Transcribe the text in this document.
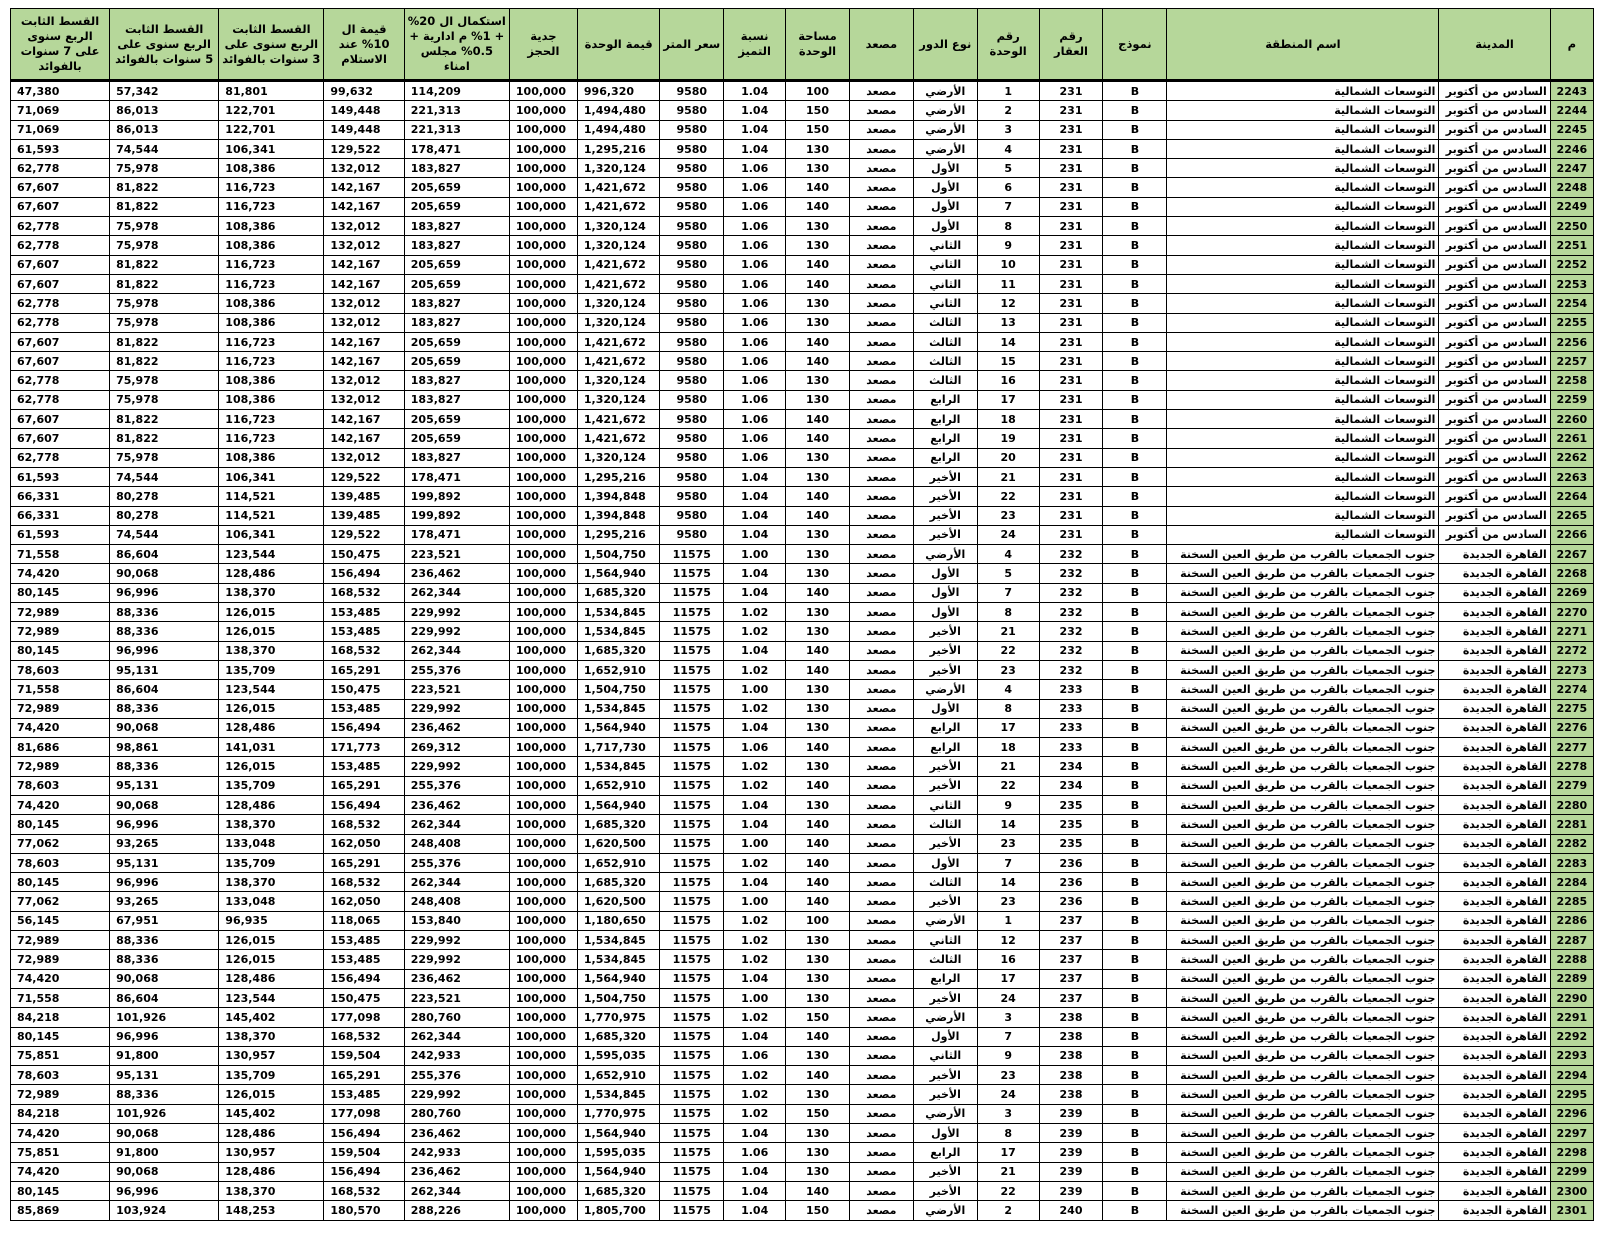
م	المدينة	اسم المنطقة	نموذج	رقم العقار	رقم الوحدة	نوع الدور	مصعد	مساحة الوحدة	نسبة التميز	سعر المتر	قيمة الوحدة	جدية الحجز	استكمال ال 20% + 1% م ادارية + 0.5% مجلس امناء	قيمة ال 10% عند الاستلام	القسط الثابت الربع سنوى على 3 سنوات بالفوائد	القسط الثابت الربع سنوى على 5 سنوات بالفوائد	القسط الثابت الربع سنوى على 7 سنوات بالفوائد
2243	السادس من أكتوبر	التوسعات الشمالية	B	231	1	الأرضي	مصعد	100	1.04	9580	996,320	100,000	114,209	99,632	81,801	57,342	47,380
2244	السادس من أكتوبر	التوسعات الشمالية	B	231	2	الأرضي	مصعد	150	1.04	9580	1,494,480	100,000	221,313	149,448	122,701	86,013	71,069
2245	السادس من أكتوبر	التوسعات الشمالية	B	231	3	الأرضي	مصعد	150	1.04	9580	1,494,480	100,000	221,313	149,448	122,701	86,013	71,069
2246	السادس من أكتوبر	التوسعات الشمالية	B	231	4	الأرضي	مصعد	130	1.04	9580	1,295,216	100,000	178,471	129,522	106,341	74,544	61,593
2247	السادس من أكتوبر	التوسعات الشمالية	B	231	5	الأول	مصعد	130	1.06	9580	1,320,124	100,000	183,827	132,012	108,386	75,978	62,778
2248	السادس من أكتوبر	التوسعات الشمالية	B	231	6	الأول	مصعد	140	1.06	9580	1,421,672	100,000	205,659	142,167	116,723	81,822	67,607
2249	السادس من أكتوبر	التوسعات الشمالية	B	231	7	الأول	مصعد	140	1.06	9580	1,421,672	100,000	205,659	142,167	116,723	81,822	67,607
2250	السادس من أكتوبر	التوسعات الشمالية	B	231	8	الأول	مصعد	130	1.06	9580	1,320,124	100,000	183,827	132,012	108,386	75,978	62,778
2251	السادس من أكتوبر	التوسعات الشمالية	B	231	9	الثاني	مصعد	130	1.06	9580	1,320,124	100,000	183,827	132,012	108,386	75,978	62,778
2252	السادس من أكتوبر	التوسعات الشمالية	B	231	10	الثاني	مصعد	140	1.06	9580	1,421,672	100,000	205,659	142,167	116,723	81,822	67,607
2253	السادس من أكتوبر	التوسعات الشمالية	B	231	11	الثاني	مصعد	140	1.06	9580	1,421,672	100,000	205,659	142,167	116,723	81,822	67,607
2254	السادس من أكتوبر	التوسعات الشمالية	B	231	12	الثاني	مصعد	130	1.06	9580	1,320,124	100,000	183,827	132,012	108,386	75,978	62,778
2255	السادس من أكتوبر	التوسعات الشمالية	B	231	13	الثالث	مصعد	130	1.06	9580	1,320,124	100,000	183,827	132,012	108,386	75,978	62,778
2256	السادس من أكتوبر	التوسعات الشمالية	B	231	14	الثالث	مصعد	140	1.06	9580	1,421,672	100,000	205,659	142,167	116,723	81,822	67,607
2257	السادس من أكتوبر	التوسعات الشمالية	B	231	15	الثالث	مصعد	140	1.06	9580	1,421,672	100,000	205,659	142,167	116,723	81,822	67,607
2258	السادس من أكتوبر	التوسعات الشمالية	B	231	16	الثالث	مصعد	130	1.06	9580	1,320,124	100,000	183,827	132,012	108,386	75,978	62,778
2259	السادس من أكتوبر	التوسعات الشمالية	B	231	17	الرابع	مصعد	130	1.06	9580	1,320,124	100,000	183,827	132,012	108,386	75,978	62,778
2260	السادس من أكتوبر	التوسعات الشمالية	B	231	18	الرابع	مصعد	140	1.06	9580	1,421,672	100,000	205,659	142,167	116,723	81,822	67,607
2261	السادس من أكتوبر	التوسعات الشمالية	B	231	19	الرابع	مصعد	140	1.06	9580	1,421,672	100,000	205,659	142,167	116,723	81,822	67,607
2262	السادس من أكتوبر	التوسعات الشمالية	B	231	20	الرابع	مصعد	130	1.06	9580	1,320,124	100,000	183,827	132,012	108,386	75,978	62,778
2263	السادس من أكتوبر	التوسعات الشمالية	B	231	21	الأخير	مصعد	130	1.04	9580	1,295,216	100,000	178,471	129,522	106,341	74,544	61,593
2264	السادس من أكتوبر	التوسعات الشمالية	B	231	22	الأخير	مصعد	140	1.04	9580	1,394,848	100,000	199,892	139,485	114,521	80,278	66,331
2265	السادس من أكتوبر	التوسعات الشمالية	B	231	23	الأخير	مصعد	140	1.04	9580	1,394,848	100,000	199,892	139,485	114,521	80,278	66,331
2266	السادس من أكتوبر	التوسعات الشمالية	B	231	24	الأخير	مصعد	130	1.04	9580	1,295,216	100,000	178,471	129,522	106,341	74,544	61,593
2267	القاهرة الجديدة	جنوب الجمعيات بالقرب من طريق العين السخنة	B	232	4	الأرضي	مصعد	130	1.00	11575	1,504,750	100,000	223,521	150,475	123,544	86,604	71,558
2268	القاهرة الجديدة	جنوب الجمعيات بالقرب من طريق العين السخنة	B	232	5	الأول	مصعد	130	1.04	11575	1,564,940	100,000	236,462	156,494	128,486	90,068	74,420
2269	القاهرة الجديدة	جنوب الجمعيات بالقرب من طريق العين السخنة	B	232	7	الأول	مصعد	140	1.04	11575	1,685,320	100,000	262,344	168,532	138,370	96,996	80,145
2270	القاهرة الجديدة	جنوب الجمعيات بالقرب من طريق العين السخنة	B	232	8	الأول	مصعد	130	1.02	11575	1,534,845	100,000	229,992	153,485	126,015	88,336	72,989
2271	القاهرة الجديدة	جنوب الجمعيات بالقرب من طريق العين السخنة	B	232	21	الأخير	مصعد	130	1.02	11575	1,534,845	100,000	229,992	153,485	126,015	88,336	72,989
2272	القاهرة الجديدة	جنوب الجمعيات بالقرب من طريق العين السخنة	B	232	22	الأخير	مصعد	140	1.04	11575	1,685,320	100,000	262,344	168,532	138,370	96,996	80,145
2273	القاهرة الجديدة	جنوب الجمعيات بالقرب من طريق العين السخنة	B	232	23	الأخير	مصعد	140	1.02	11575	1,652,910	100,000	255,376	165,291	135,709	95,131	78,603
2274	القاهرة الجديدة	جنوب الجمعيات بالقرب من طريق العين السخنة	B	233	4	الأرضي	مصعد	130	1.00	11575	1,504,750	100,000	223,521	150,475	123,544	86,604	71,558
2275	القاهرة الجديدة	جنوب الجمعيات بالقرب من طريق العين السخنة	B	233	8	الأول	مصعد	130	1.02	11575	1,534,845	100,000	229,992	153,485	126,015	88,336	72,989
2276	القاهرة الجديدة	جنوب الجمعيات بالقرب من طريق العين السخنة	B	233	17	الرابع	مصعد	130	1.04	11575	1,564,940	100,000	236,462	156,494	128,486	90,068	74,420
2277	القاهرة الجديدة	جنوب الجمعيات بالقرب من طريق العين السخنة	B	233	18	الرابع	مصعد	140	1.06	11575	1,717,730	100,000	269,312	171,773	141,031	98,861	81,686
2278	القاهرة الجديدة	جنوب الجمعيات بالقرب من طريق العين السخنة	B	234	21	الأخير	مصعد	130	1.02	11575	1,534,845	100,000	229,992	153,485	126,015	88,336	72,989
2279	القاهرة الجديدة	جنوب الجمعيات بالقرب من طريق العين السخنة	B	234	22	الأخير	مصعد	140	1.02	11575	1,652,910	100,000	255,376	165,291	135,709	95,131	78,603
2280	القاهرة الجديدة	جنوب الجمعيات بالقرب من طريق العين السخنة	B	235	9	الثاني	مصعد	130	1.04	11575	1,564,940	100,000	236,462	156,494	128,486	90,068	74,420
2281	القاهرة الجديدة	جنوب الجمعيات بالقرب من طريق العين السخنة	B	235	14	الثالث	مصعد	140	1.04	11575	1,685,320	100,000	262,344	168,532	138,370	96,996	80,145
2282	القاهرة الجديدة	جنوب الجمعيات بالقرب من طريق العين السخنة	B	235	23	الأخير	مصعد	140	1.00	11575	1,620,500	100,000	248,408	162,050	133,048	93,265	77,062
2283	القاهرة الجديدة	جنوب الجمعيات بالقرب من طريق العين السخنة	B	236	7	الأول	مصعد	140	1.02	11575	1,652,910	100,000	255,376	165,291	135,709	95,131	78,603
2284	القاهرة الجديدة	جنوب الجمعيات بالقرب من طريق العين السخنة	B	236	14	الثالث	مصعد	140	1.04	11575	1,685,320	100,000	262,344	168,532	138,370	96,996	80,145
2285	القاهرة الجديدة	جنوب الجمعيات بالقرب من طريق العين السخنة	B	236	23	الأخير	مصعد	140	1.00	11575	1,620,500	100,000	248,408	162,050	133,048	93,265	77,062
2286	القاهرة الجديدة	جنوب الجمعيات بالقرب من طريق العين السخنة	B	237	1	الأرضي	مصعد	100	1.02	11575	1,180,650	100,000	153,840	118,065	96,935	67,951	56,145
2287	القاهرة الجديدة	جنوب الجمعيات بالقرب من طريق العين السخنة	B	237	12	الثاني	مصعد	130	1.02	11575	1,534,845	100,000	229,992	153,485	126,015	88,336	72,989
2288	القاهرة الجديدة	جنوب الجمعيات بالقرب من طريق العين السخنة	B	237	16	الثالث	مصعد	130	1.02	11575	1,534,845	100,000	229,992	153,485	126,015	88,336	72,989
2289	القاهرة الجديدة	جنوب الجمعيات بالقرب من طريق العين السخنة	B	237	17	الرابع	مصعد	130	1.04	11575	1,564,940	100,000	236,462	156,494	128,486	90,068	74,420
2290	القاهرة الجديدة	جنوب الجمعيات بالقرب من طريق العين السخنة	B	237	24	الأخير	مصعد	130	1.00	11575	1,504,750	100,000	223,521	150,475	123,544	86,604	71,558
2291	القاهرة الجديدة	جنوب الجمعيات بالقرب من طريق العين السخنة	B	238	3	الأرضي	مصعد	150	1.02	11575	1,770,975	100,000	280,760	177,098	145,402	101,926	84,218
2292	القاهرة الجديدة	جنوب الجمعيات بالقرب من طريق العين السخنة	B	238	7	الأول	مصعد	140	1.04	11575	1,685,320	100,000	262,344	168,532	138,370	96,996	80,145
2293	القاهرة الجديدة	جنوب الجمعيات بالقرب من طريق العين السخنة	B	238	9	الثاني	مصعد	130	1.06	11575	1,595,035	100,000	242,933	159,504	130,957	91,800	75,851
2294	القاهرة الجديدة	جنوب الجمعيات بالقرب من طريق العين السخنة	B	238	23	الأخير	مصعد	140	1.02	11575	1,652,910	100,000	255,376	165,291	135,709	95,131	78,603
2295	القاهرة الجديدة	جنوب الجمعيات بالقرب من طريق العين السخنة	B	238	24	الأخير	مصعد	130	1.02	11575	1,534,845	100,000	229,992	153,485	126,015	88,336	72,989
2296	القاهرة الجديدة	جنوب الجمعيات بالقرب من طريق العين السخنة	B	239	3	الأرضي	مصعد	150	1.02	11575	1,770,975	100,000	280,760	177,098	145,402	101,926	84,218
2297	القاهرة الجديدة	جنوب الجمعيات بالقرب من طريق العين السخنة	B	239	8	الأول	مصعد	130	1.04	11575	1,564,940	100,000	236,462	156,494	128,486	90,068	74,420
2298	القاهرة الجديدة	جنوب الجمعيات بالقرب من طريق العين السخنة	B	239	17	الرابع	مصعد	130	1.06	11575	1,595,035	100,000	242,933	159,504	130,957	91,800	75,851
2299	القاهرة الجديدة	جنوب الجمعيات بالقرب من طريق العين السخنة	B	239	21	الأخير	مصعد	130	1.04	11575	1,564,940	100,000	236,462	156,494	128,486	90,068	74,420
2300	القاهرة الجديدة	جنوب الجمعيات بالقرب من طريق العين السخنة	B	239	22	الأخير	مصعد	140	1.04	11575	1,685,320	100,000	262,344	168,532	138,370	96,996	80,145
2301	القاهرة الجديدة	جنوب الجمعيات بالقرب من طريق العين السخنة	B	240	2	الأرضي	مصعد	150	1.04	11575	1,805,700	100,000	288,226	180,570	148,253	103,924	85,869
